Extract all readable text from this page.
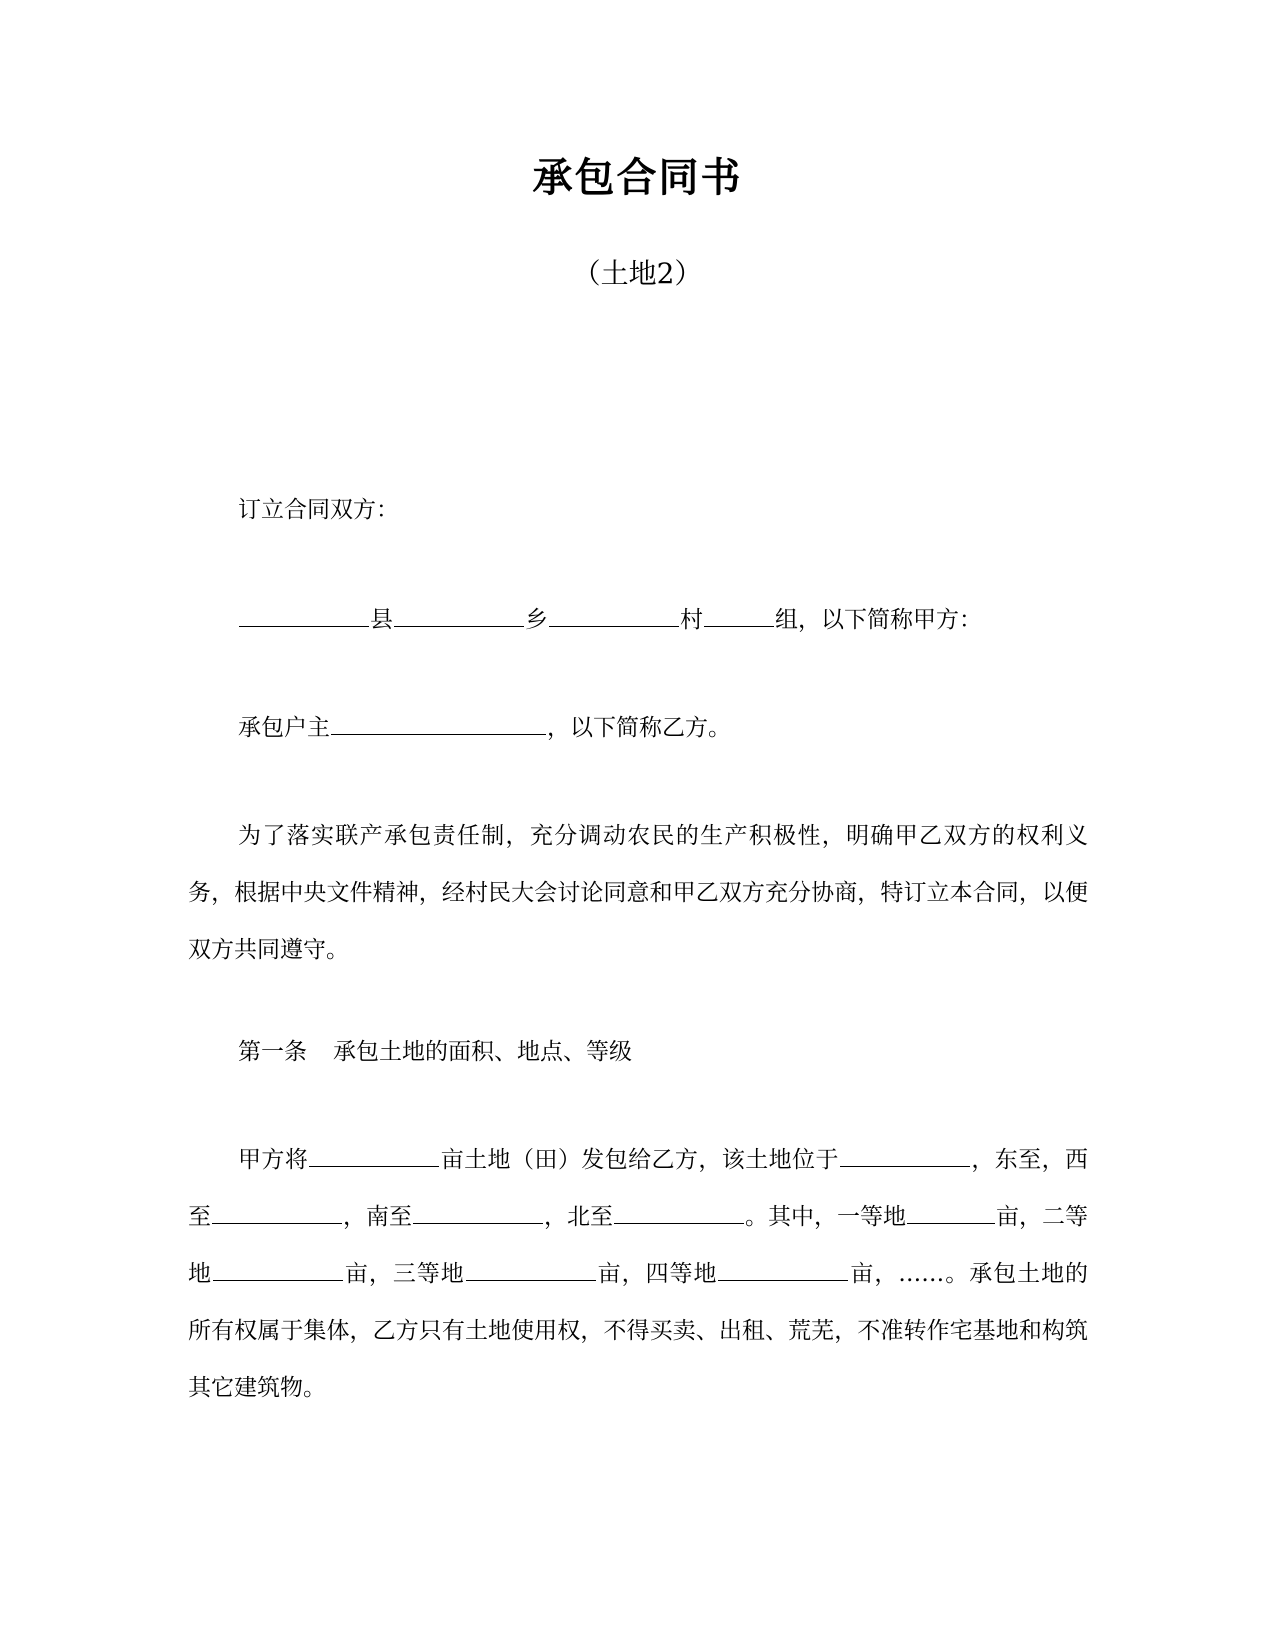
承包合同书
（土地2）

订立合同双方：

县	乡	村	组，以下简称甲方：

承包户主	，以下简称乙方。

为了落实联产承包责任制，充分调动农民的生产积极性，明确甲乙双方的权利义务，根据中央文件精神，经村民大会讨论同意和甲乙双方充分协商，特订立本合同，以便双方共同遵守。

第一条 承包土地的面积、地点、等级

甲方将	亩土地（田）发包给乙方，该土地位于	，东至，西至	，南至	，北至	。其中，一等地	亩，二等地	亩，三等地	亩，四等地	亩，……。承包土地的所有权属于集体，乙方只有土地使用权，不得买卖、出租、荒芜，不准转作宅基地和构筑其它建筑物。
